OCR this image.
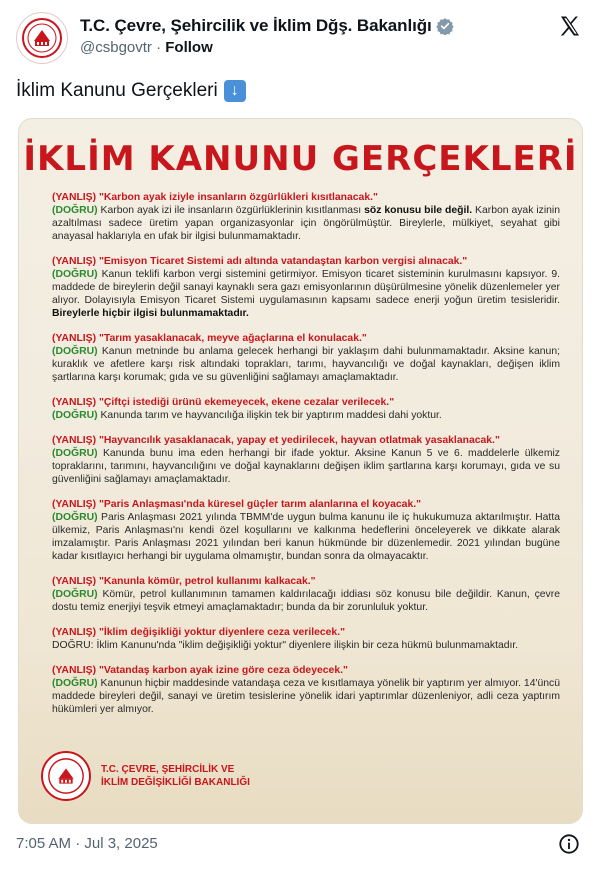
T.C. Çevre, Şehircilik ve İklim Dğş. Bakanlığı
@csbgovtr · Follow
İklim Kanunu Gerçekleri ↓
İKLİM KANUNU GERÇEKLERİ
(YANLIŞ) "Karbon ayak iziyle insanların özgürlükleri kısıtlanacak."
(DOĞRU) Karbon ayak izi ile insanların özgürlüklerinin kısıtlanması söz konusu bile değil. Karbon ayak izinin azaltılması sadece üretim yapan organizasyonlar için öngörülmüştür. Bireylerle, mülkiyet, seyahat gibi anayasal haklarıyla en ufak bir ilgisi bulunmamaktadır.
(YANLIŞ) "Emisyon Ticaret Sistemi adı altında vatandaştan karbon vergisi alınacak."
(DOĞRU) Kanun teklifi karbon vergi sistemini getirmiyor. Emisyon ticaret sisteminin kurulmasını kapsıyor. 9. maddede de bireylerin değil sanayi kaynaklı sera gazı emisyonlarının düşürülmesine yönelik düzenlemeler yer alıyor. Dolayısıyla Emisyon Ticaret Sistemi uygulamasının kapsamı sadece enerji yoğun üretim tesisleridir. Bireylerle hiçbir ilgisi bulunmamaktadır.
(YANLIŞ) "Tarım yasaklanacak, meyve ağaçlarına el konulacak."
(DOĞRU) Kanun metninde bu anlama gelecek herhangi bir yaklaşım dahi bulunmamaktadır. Aksine kanun; kuraklık ve afetlere karşı risk altındaki toprakları, tarımı, hayvancılığı ve doğal kaynakları, değişen iklim şartlarına karşı korumak; gıda ve su güvenliğini sağlamayı amaçlamaktadır.
(YANLIŞ) "Çiftçi istediği ürünü ekemeyecek, ekene cezalar verilecek."
(DOĞRU) Kanunda tarım ve hayvancılığa ilişkin tek bir yaptırım maddesi dahi yoktur.
(YANLIŞ) "Hayvancılık yasaklanacak, yapay et yedirilecek, hayvan otlatmak yasaklanacak."
(DOĞRU) Kanunda bunu ima eden herhangi bir ifade yoktur. Aksine Kanun 5 ve 6. maddelerle ülkemiz topraklarını, tarımını, hayvancılığını ve doğal kaynaklarını değişen iklim şartlarına karşı korumayı, gıda ve su güvenliğini sağlamayı amaçlamaktadır.
(YANLIŞ) "Paris Anlaşması'nda küresel güçler tarım alanlarına el koyacak."
(DOĞRU) Paris Anlaşması 2021 yılında TBMM'de uygun bulma kanunu ile iç hukukumuza aktarılmıştır. Hatta ülkemiz, Paris Anlaşması'nı kendi özel koşullarını ve kalkınma hedeflerini önceleyerek ve dikkate alarak imzalamıştır. Paris Anlaşması 2021 yılından beri kanun hükmünde bir düzenlemedir. 2021 yılından bugüne kadar kısıtlayıcı herhangi bir uygulama olmamıştır, bundan sonra da olmayacaktır.
(YANLIŞ) "Kanunla kömür, petrol kullanımı kalkacak."
(DOĞRU) Kömür, petrol kullanımının tamamen kaldırılacağı iddiası söz konusu bile değildir. Kanun, çevre dostu temiz enerjiyi teşvik etmeyi amaçlamaktadır; bunda da bir zorunluluk yoktur.
(YANLIŞ) "İklim değişikliği yoktur diyenlere ceza verilecek."
DOĞRU: İklim Kanunu'nda "iklim değişikliği yoktur" diyenlere ilişkin bir ceza hükmü bulunmamaktadır.
(YANLIŞ) "Vatandaş karbon ayak izine göre ceza ödeyecek."
(DOĞRU) Kanunun hiçbir maddesinde vatandaşa ceza ve kısıtlamaya yönelik bir yaptırım yer almıyor. 14'üncü maddede bireyleri değil, sanayi ve üretim tesislerine yönelik idari yaptırımlar düzenleniyor, adli ceza yaptırım hükümleri yer almıyor.
T.C. ÇEVRE, ŞEHİRCİLİK VE
İKLİM DEĞİŞİKLİĞİ BAKANLIĞI
7:05 AM · Jul 3, 2025
